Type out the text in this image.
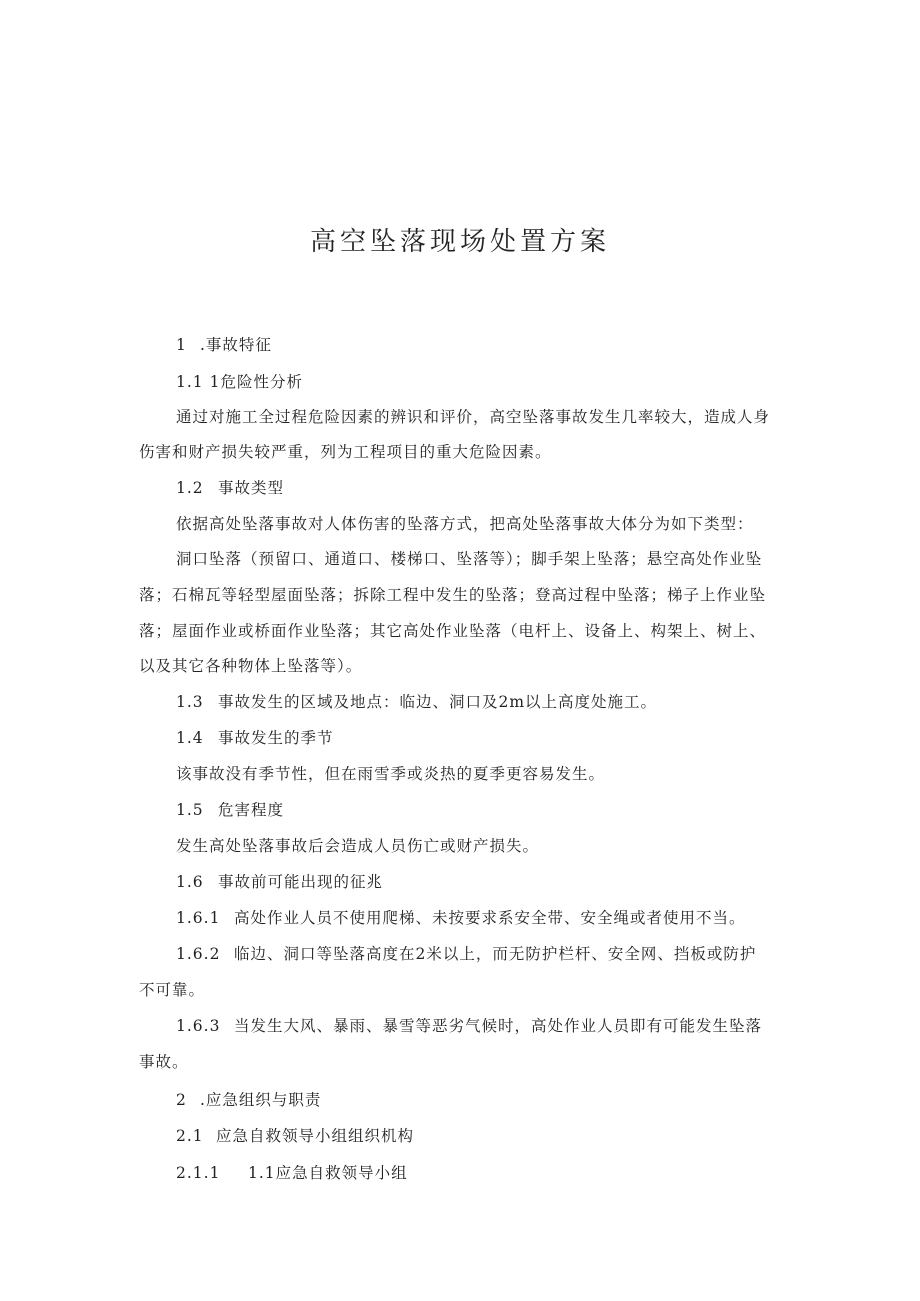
高空坠落现场处置方案
1 .事故特征
1.1 1危险性分析
通过对施工全过程危险因素的辨识和评价，高空坠落事故发生几率较大，造成人身
伤害和财产损失较严重，列为工程项目的重大危险因素。
1.2 事故类型
依据高处坠落事故对人体伤害的坠落方式，把高处坠落事故大体分为如下类型：
洞口坠落（预留口、通道口、楼梯口、坠落等）；脚手架上坠落；悬空高处作业坠
落；石棉瓦等轻型屋面坠落；拆除工程中发生的坠落；登高过程中坠落；梯子上作业坠
落；屋面作业或桥面作业坠落；其它高处作业坠落（电杆上、设备上、构架上、树上、
以及其它各种物体上坠落等）。
1.3 事故发生的区域及地点：临边、洞口及2m以上高度处施工。
1.4 事故发生的季节
该事故没有季节性，但在雨雪季或炎热的夏季更容易发生。
1.5 危害程度
发生高处坠落事故后会造成人员伤亡或财产损失。
1.6 事故前可能出现的征兆
1.6.1 高处作业人员不使用爬梯、未按要求系安全带、安全绳或者使用不当。
1.6.2 临边、洞口等坠落高度在2米以上，而无防护栏杆、安全网、挡板或防护
不可靠。
1.6.3 当发生大风、暴雨、暴雪等恶劣气候时，高处作业人员即有可能发生坠落
事故。
2 .应急组织与职责
2.1 应急自救领导小组组织机构
2.1.1 1.1应急自救领导小组
